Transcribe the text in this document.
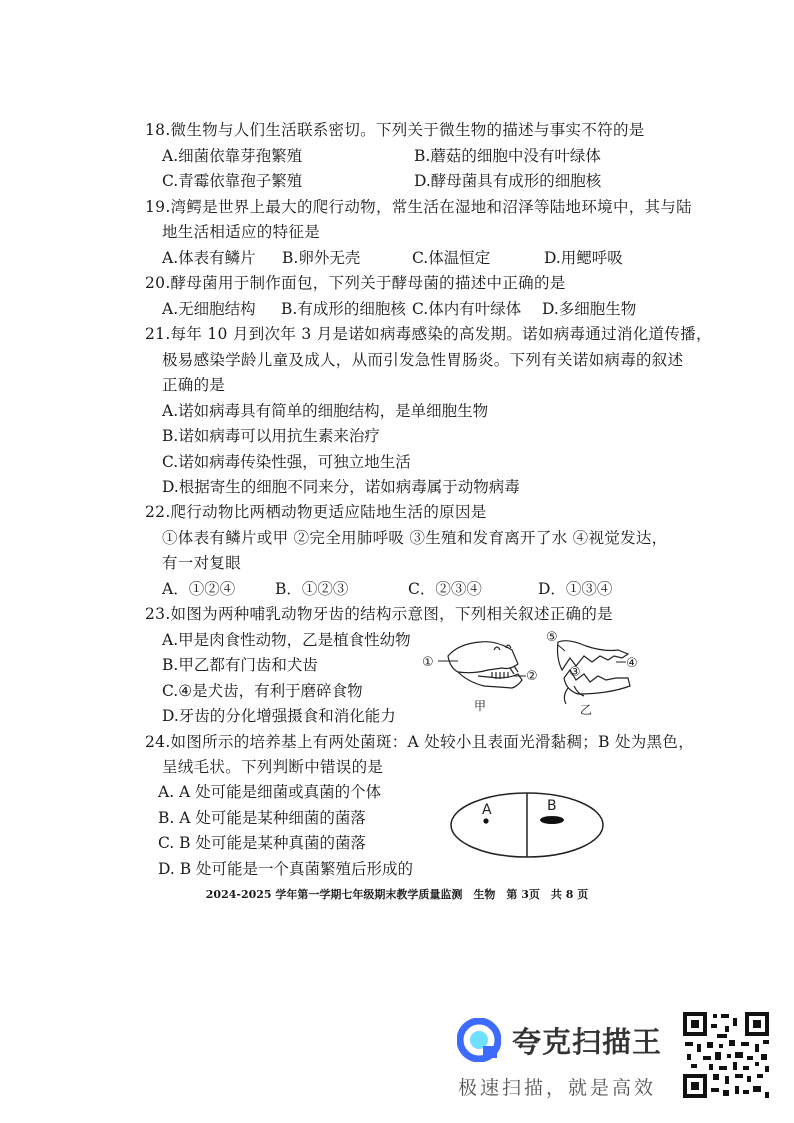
18.微生物与人们生活联系密切。下列关于微生物的描述与事实不符的是
A.细菌依靠芽孢繁殖	B.蘑菇的细胞中没有叶绿体
C.青霉依靠孢子繁殖	D.酵母菌具有成形的细胞核
19.湾鳄是世界上最大的爬行动物，常生活在湿地和沼泽等陆地环境中，其与陆
地生活相适应的特征是
A.体表有鳞片 B.卵外无壳	C.体温恒定	D.用鳃呼吸
20.酵母菌用于制作面包，下列关于酵母菌的描述中正确的是
A.无细胞结构 B.有成形的细胞核 C.体内有叶绿体 D.多细胞生物
21.每年 10 月到次年 3 月是诺如病毒感染的高发期。诺如病毒通过消化道传播，
极易感染学龄儿童及成人，从而引发急性胃肠炎。下列有关诺如病毒的叙述
正确的是
A.诺如病毒具有简单的细胞结构，是单细胞生物
B.诺如病毒可以用抗生素来治疗
C.诺如病毒传染性强，可独立地生活
D.根据寄生的细胞不同来分，诺如病毒属于动物病毒
22.爬行动物比两栖动物更适应陆地生活的原因是
①体表有鳞片或甲 ②完全用肺呼吸 ③生殖和发育离开了水 ④视觉发达，
有一对复眼
A．①②④	B．①②③	C．②③④	D．①③④
23.如图为两种哺乳动物牙齿的结构示意图，下列相关叙述正确的是
A.甲是肉食性动物，乙是植食性幼物
B.甲乙都有门齿和犬齿
C.④是犬齿，有利于磨碎食物
D.牙齿的分化增强摄食和消化能力
①
②
甲
⑤
④
③
乙
24.如图所示的培养基上有两处菌斑：A 处较小且表面光滑黏稠；B 处为黑色，
呈绒毛状。下列判断中错误的是
A. A 处可能是细菌或真菌的个体
B. A 处可能是某种细菌的菌落
C. B 处可能是某种真菌的菌落
D. B 处可能是一个真菌繁殖后形成的
A	B
2024-2025 学年第一学期七年级期末教学质量监测　生物　第 3页　共 8 页
夸克扫描王
极速扫描，就是高效
